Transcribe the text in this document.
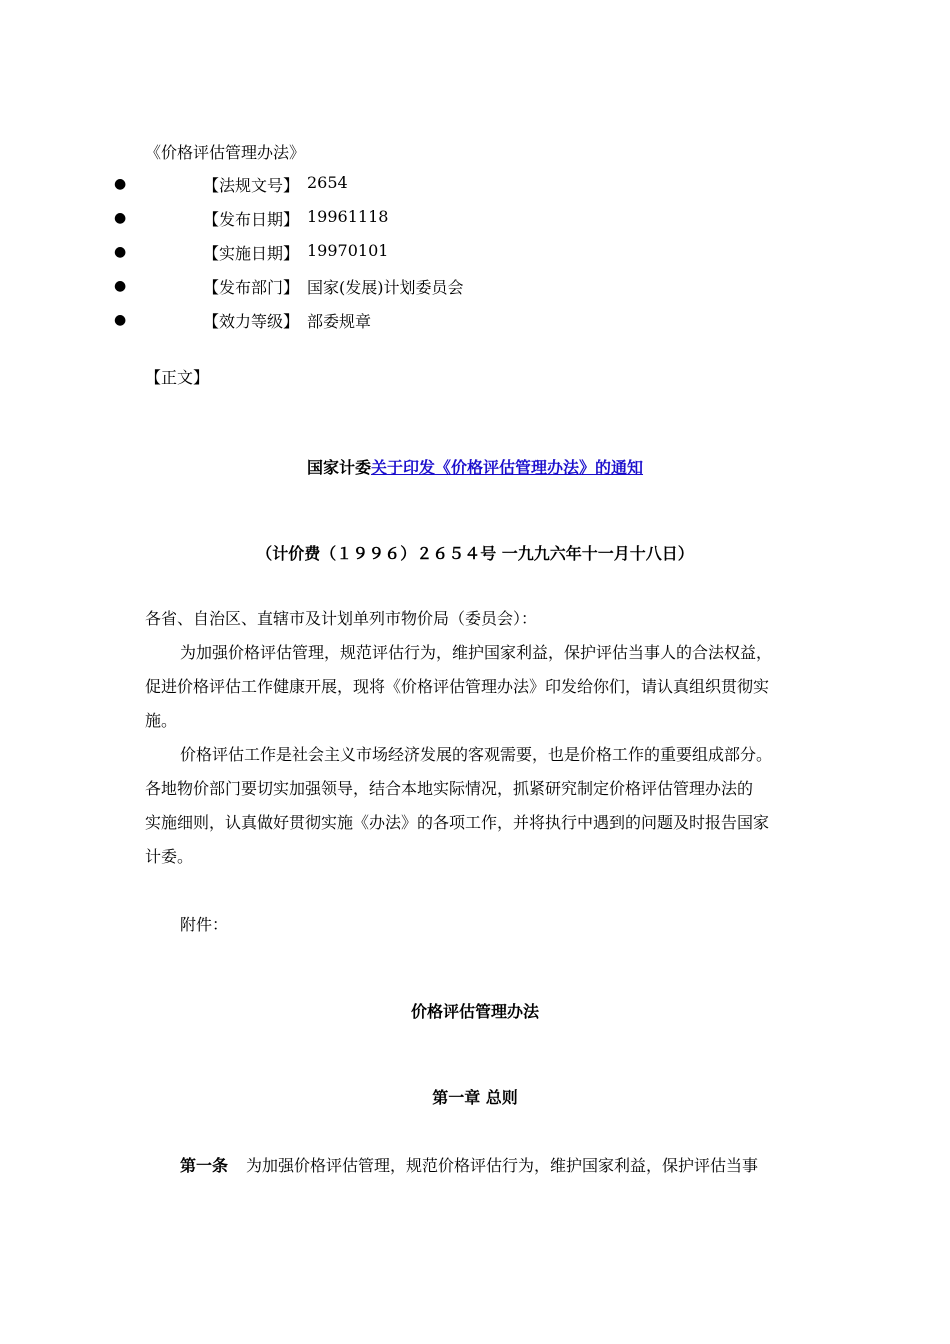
《价格评估管理办法》
●	【法规文号】 2654
●	【发布日期】 19961118
●	【实施日期】 19970101
●	【发布部门】 国家(发展)计划委员会
●	【效力等级】 部委规章
【正文】
国家计委关于印发《价格评估管理办法》的通知
（计价费（１９９６）２６５４号 一九九六年十一月十八日）
各省、自治区、直辖市及计划单列市物价局（委员会）：
为加强价格评估管理，规范评估行为，维护国家利益，保护评估当事人的合法权益，
促进价格评估工作健康开展，现将《价格评估管理办法》印发给你们，请认真组织贯彻实
施。
价格评估工作是社会主义市场经济发展的客观需要，也是价格工作的重要组成部分。
各地物价部门要切实加强领导，结合本地实际情况，抓紧研究制定价格评估管理办法的
实施细则，认真做好贯彻实施《办法》的各项工作，并将执行中遇到的问题及时报告国家
计委。
附件：
价格评估管理办法
第一章 总则
第一条 为加强价格评估管理，规范价格评估行为，维护国家利益，保护评估当事
